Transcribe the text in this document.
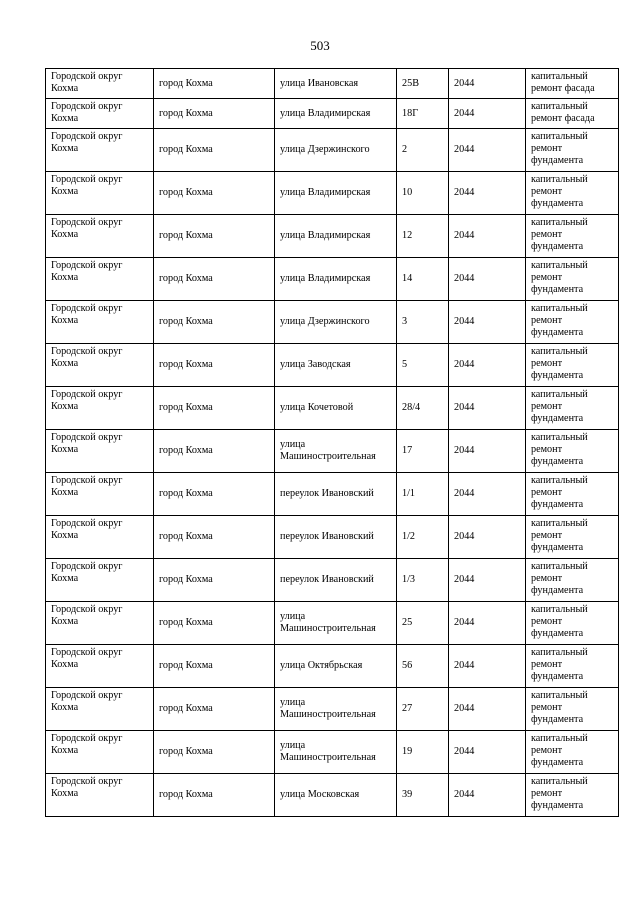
503
Городской округ Кохма	город Кохма	улица Ивановская	25В	2044	капитальный ремонт фасада
Городской округ Кохма	город Кохма	улица Владимирская	18Г	2044	капитальный ремонт фасада
Городской округ Кохма	город Кохма	улица Дзержинского	2	2044	капитальный ремонт фундамента
Городской округ Кохма	город Кохма	улица Владимирская	10	2044	капитальный ремонт фундамента
Городской округ Кохма	город Кохма	улица Владимирская	12	2044	капитальный ремонт фундамента
Городской округ Кохма	город Кохма	улица Владимирская	14	2044	капитальный ремонт фундамента
Городской округ Кохма	город Кохма	улица Дзержинского	3	2044	капитальный ремонт фундамента
Городской округ Кохма	город Кохма	улица Заводская	5	2044	капитальный ремонт фундамента
Городской округ Кохма	город Кохма	улица Кочетовой	28/4	2044	капитальный ремонт фундамента
Городской округ Кохма	город Кохма	улица Машиностроительная	17	2044	капитальный ремонт фундамента
Городской округ Кохма	город Кохма	переулок Ивановский	1/1	2044	капитальный ремонт фундамента
Городской округ Кохма	город Кохма	переулок Ивановский	1/2	2044	капитальный ремонт фундамента
Городской округ Кохма	город Кохма	переулок Ивановский	1/3	2044	капитальный ремонт фундамента
Городской округ Кохма	город Кохма	улица Машиностроительная	25	2044	капитальный ремонт фундамента
Городской округ Кохма	город Кохма	улица Октябрьская	56	2044	капитальный ремонт фундамента
Городской округ Кохма	город Кохма	улица Машиностроительная	27	2044	капитальный ремонт фундамента
Городской округ Кохма	город Кохма	улица Машиностроительная	19	2044	капитальный ремонт фундамента
Городской округ Кохма	город Кохма	улица Московская	39	2044	капитальный ремонт фундамента
